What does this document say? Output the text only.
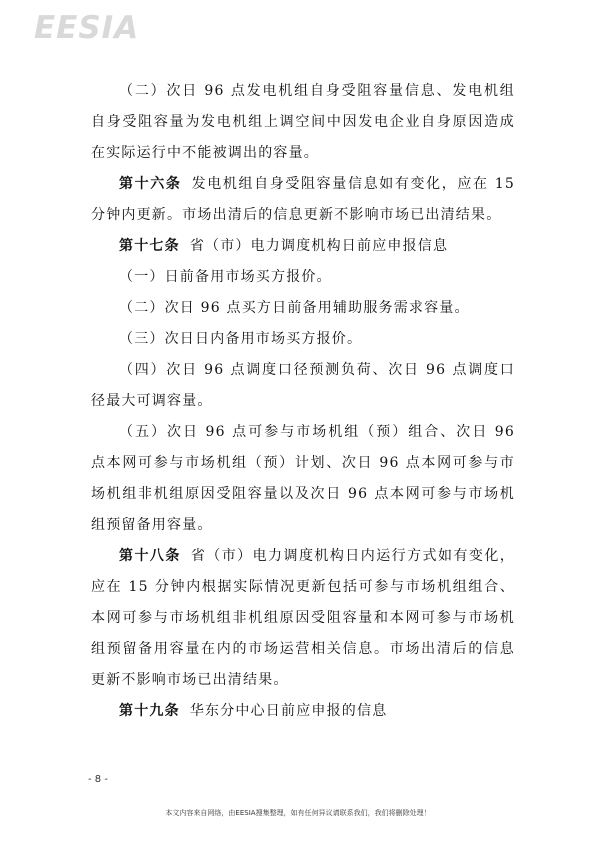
EESIA

（二）次日 96 点发电机组自身受阻容量信息、发电机组自身受阻容量为发电机组上调空间中因发电企业自身原因造成在实际运行中不能被调出的容量。

第十六条 发电机组自身受阻容量信息如有变化，应在 15 分钟内更新。市场出清后的信息更新不影响市场已出清结果。

第十七条 省（市）电力调度机构日前应申报信息

（一）日前备用市场买方报价。

（二）次日 96 点买方日前备用辅助服务需求容量。

（三）次日日内备用市场买方报价。

（四）次日 96 点调度口径预测负荷、次日 96 点调度口径最大可调容量。

（五）次日 96 点可参与市场机组（预）组合、次日 96 点本网可参与市场机组（预）计划、次日 96 点本网可参与市场机组非机组原因受阻容量以及次日 96 点本网可参与市场机组预留备用容量。

第十八条 省（市）电力调度机构日内运行方式如有变化，应在 15 分钟内根据实际情况更新包括可参与市场机组组合、本网可参与市场机组非机组原因受阻容量和本网可参与市场机组预留备用容量在内的市场运营相关信息。市场出清后的信息更新不影响市场已出清结果。

第十九条 华东分中心日前应申报的信息

- 8 -
本文内容来自网络，由EESIA搜集整理，如有任何异议请联系我们，我们将删除处理！
